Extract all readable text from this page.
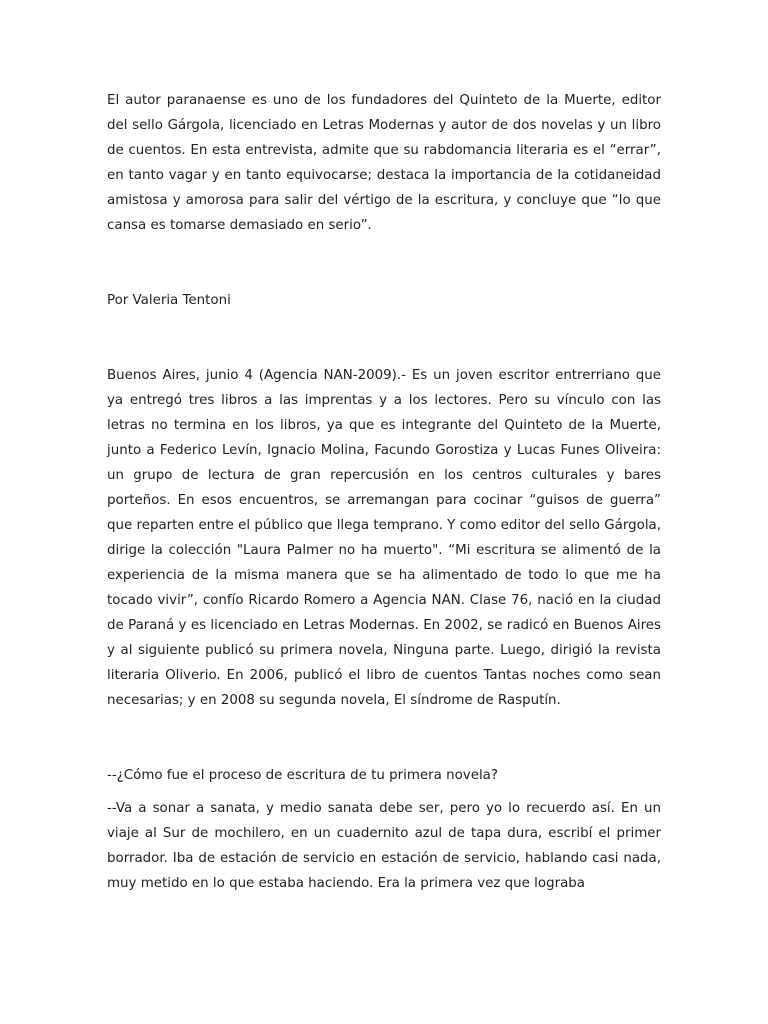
El autor paranaense es uno de los fundadores del Quinteto de la Muerte, editor del sello Gárgola, licenciado en Letras Modernas y autor de dos novelas y un libro de cuentos. En esta entrevista, admite que su rabdomancia literaria es el “errar”, en tanto vagar y en tanto equivocarse; destaca la importancia de la cotidaneidad amistosa y amorosa para salir del vértigo de la escritura, y concluye que “lo que cansa es tomarse demasiado en serio”.

Por Valeria Tentoni

Buenos Aires, junio 4 (Agencia NAN-2009).- Es un joven escritor entrerriano que ya entregó tres libros a las imprentas y a los lectores. Pero su vínculo con las letras no termina en los libros, ya que es integrante del Quinteto de la Muerte, junto a Federico Levín, Ignacio Molina, Facundo Gorostiza y Lucas Funes Oliveira: un grupo de lectura de gran repercusión en los centros culturales y bares porteños. En esos encuentros, se arremangan para cocinar “guisos de guerra” que reparten entre el público que llega temprano. Y como editor del sello Gárgola, dirige la colección "Laura Palmer no ha muerto". “Mi escritura se alimentó de la experiencia de la misma manera que se ha alimentado de todo lo que me ha tocado vivir”, confío Ricardo Romero a Agencia NAN. Clase 76, nació en la ciudad de Paraná y es licenciado en Letras Modernas. En 2002, se radicó en Buenos Aires y al siguiente publicó su primera novela, Ninguna parte. Luego, dirigió la revista literaria Oliverio. En 2006, publicó el libro de cuentos Tantas noches como sean necesarias; y en 2008 su segunda novela, El síndrome de Rasputín.

--¿Cómo fue el proceso de escritura de tu primera novela?

--Va a sonar a sanata, y medio sanata debe ser, pero yo lo recuerdo así. En un viaje al Sur de mochilero, en un cuadernito azul de tapa dura, escribí el primer borrador. Iba de estación de servicio en estación de servicio, hablando casi nada, muy metido en lo que estaba haciendo. Era la primera vez que lograba
